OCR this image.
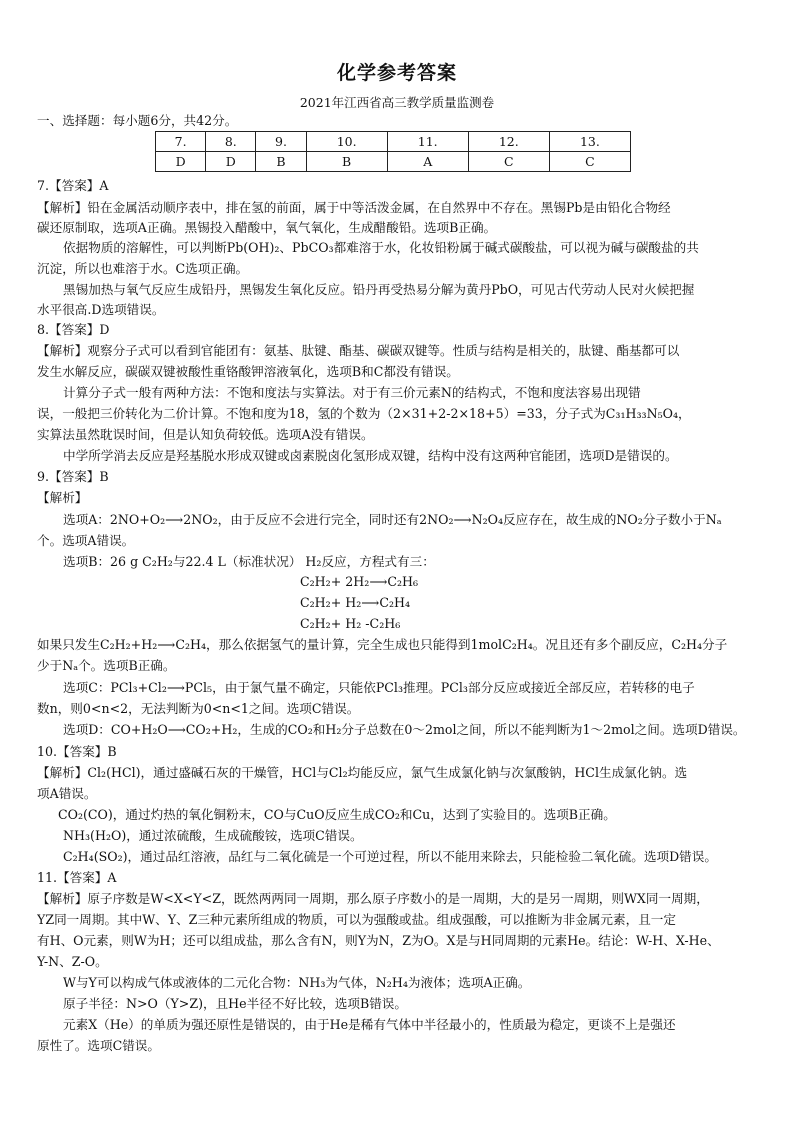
化学参考答案
2021年江西省高三教学质量监测卷
一、选择题：每小题6分，共42分。
7.	8.	9.	10.	11.	12.	13.
D	D	B	B	A	C	C
7.【答案】A
【解析】铅在金属活动顺序表中，排在氢的前面，属于中等活泼金属，在自然界中不存在。黑锡Pb是由铅化合物经
碳还原制取，选项A正确。黑锡投入醋酸中，氧气氧化，生成醋酸铅。选项B正确。
依据物质的溶解性，可以判断Pb(OH)₂、PbCO₃都难溶于水，化妆铅粉属于碱式碳酸盐，可以视为碱与碳酸盐的共
沉淀，所以也难溶于水。C选项正确。
黑锡加热与氧气反应生成铅丹，黑锡发生氧化反应。铅丹再受热易分解为黄丹PbO，可见古代劳动人民对火候把握
水平很高.D选项错误。
8.【答案】D
【解析】观察分子式可以看到官能团有：氨基、肽键、酯基、碳碳双键等。性质与结构是相关的，肽键、酯基都可以
发生水解反应，碳碳双键被酸性重铬酸钾溶液氧化，选项B和C都没有错误。
计算分子式一般有两种方法：不饱和度法与实算法。对于有三价元素N的结构式，不饱和度法容易出现错
误，一般把三价转化为二价计算。不饱和度为18，氢的个数为（2×31+2-2×18+5）=33，分子式为C₃₁H₃₃N₅O₄，
实算法虽然耽误时间，但是认知负荷较低。选项A没有错误。
中学所学消去反应是羟基脱水形成双键或卤素脱卤化氢形成双键，结构中没有这两种官能团，选项D是错误的。
9.【答案】B
【解析】
选项A：2NO+O₂⟶2NO₂，由于反应不会进行完全，同时还有2NO₂⟶N₂O₄反应存在，故生成的NO₂分子数小于Nₐ
个。选项A错误。
选项B：26 g C₂H₂与22.4 L（标准状况） H₂反应，方程式有三：
C₂H₂+ 2H₂⟶C₂H₆
C₂H₂+ H₂⟶C₂H₄
C₂H₂+ H₂ -C₂H₆
如果只发生C₂H₂+H₂⟶C₂H₄，那么依据氢气的量计算，完全生成也只能得到1molC₂H₄。况且还有多个副反应，C₂H₄分子
少于Nₐ个。选项B正确。
选项C：PCl₃+Cl₂⟶PCl₅，由于氯气量不确定，只能依PCl₃推理。PCl₃部分反应或接近全部反应，若转移的电子
数n，则0<n<2，无法判断为0<n<1之间。选项C错误。
选项D：CO+H₂O⟶CO₂+H₂，生成的CO₂和H₂分子总数在0～2mol之间，所以不能判断为1～2mol之间。选项D错误。
10.【答案】B
【解析】Cl₂(HCl)，通过盛碱石灰的干燥管，HCl与Cl₂均能反应，氯气生成氯化钠与次氯酸钠，HCl生成氯化钠。选
项A错误。
CO₂(CO)，通过灼热的氧化铜粉末，CO与CuO反应生成CO₂和Cu，达到了实验目的。选项B正确。
NH₃(H₂O)，通过浓硫酸，生成硫酸铵，选项C错误。
C₂H₄(SO₂)，通过品红溶液，品红与二氧化硫是一个可逆过程，所以不能用来除去，只能检验二氧化硫。选项D错误。
11.【答案】A
【解析】原子序数是W<X<Y<Z，既然两两同一周期，那么原子序数小的是一周期，大的是另一周期，则WX同一周期，
YZ同一周期。其中W、Y、Z三种元素所组成的物质，可以为强酸或盐。组成强酸，可以推断为非金属元素，且一定
有H、O元素，则W为H；还可以组成盐，那么含有N，则Y为N，Z为O。X是与H同周期的元素He。结论：W-H、X-He、
Y-N、Z-O。
W与Y可以构成气体或液体的二元化合物：NH₃为气体，N₂H₄为液体；选项A正确。
原子半径：N>O（Y>Z)，且He半径不好比较，选项B错误。
元素X（He）的单质为强还原性是错误的，由于He是稀有气体中半径最小的，性质最为稳定，更谈不上是强还
原性了。选项C错误。
